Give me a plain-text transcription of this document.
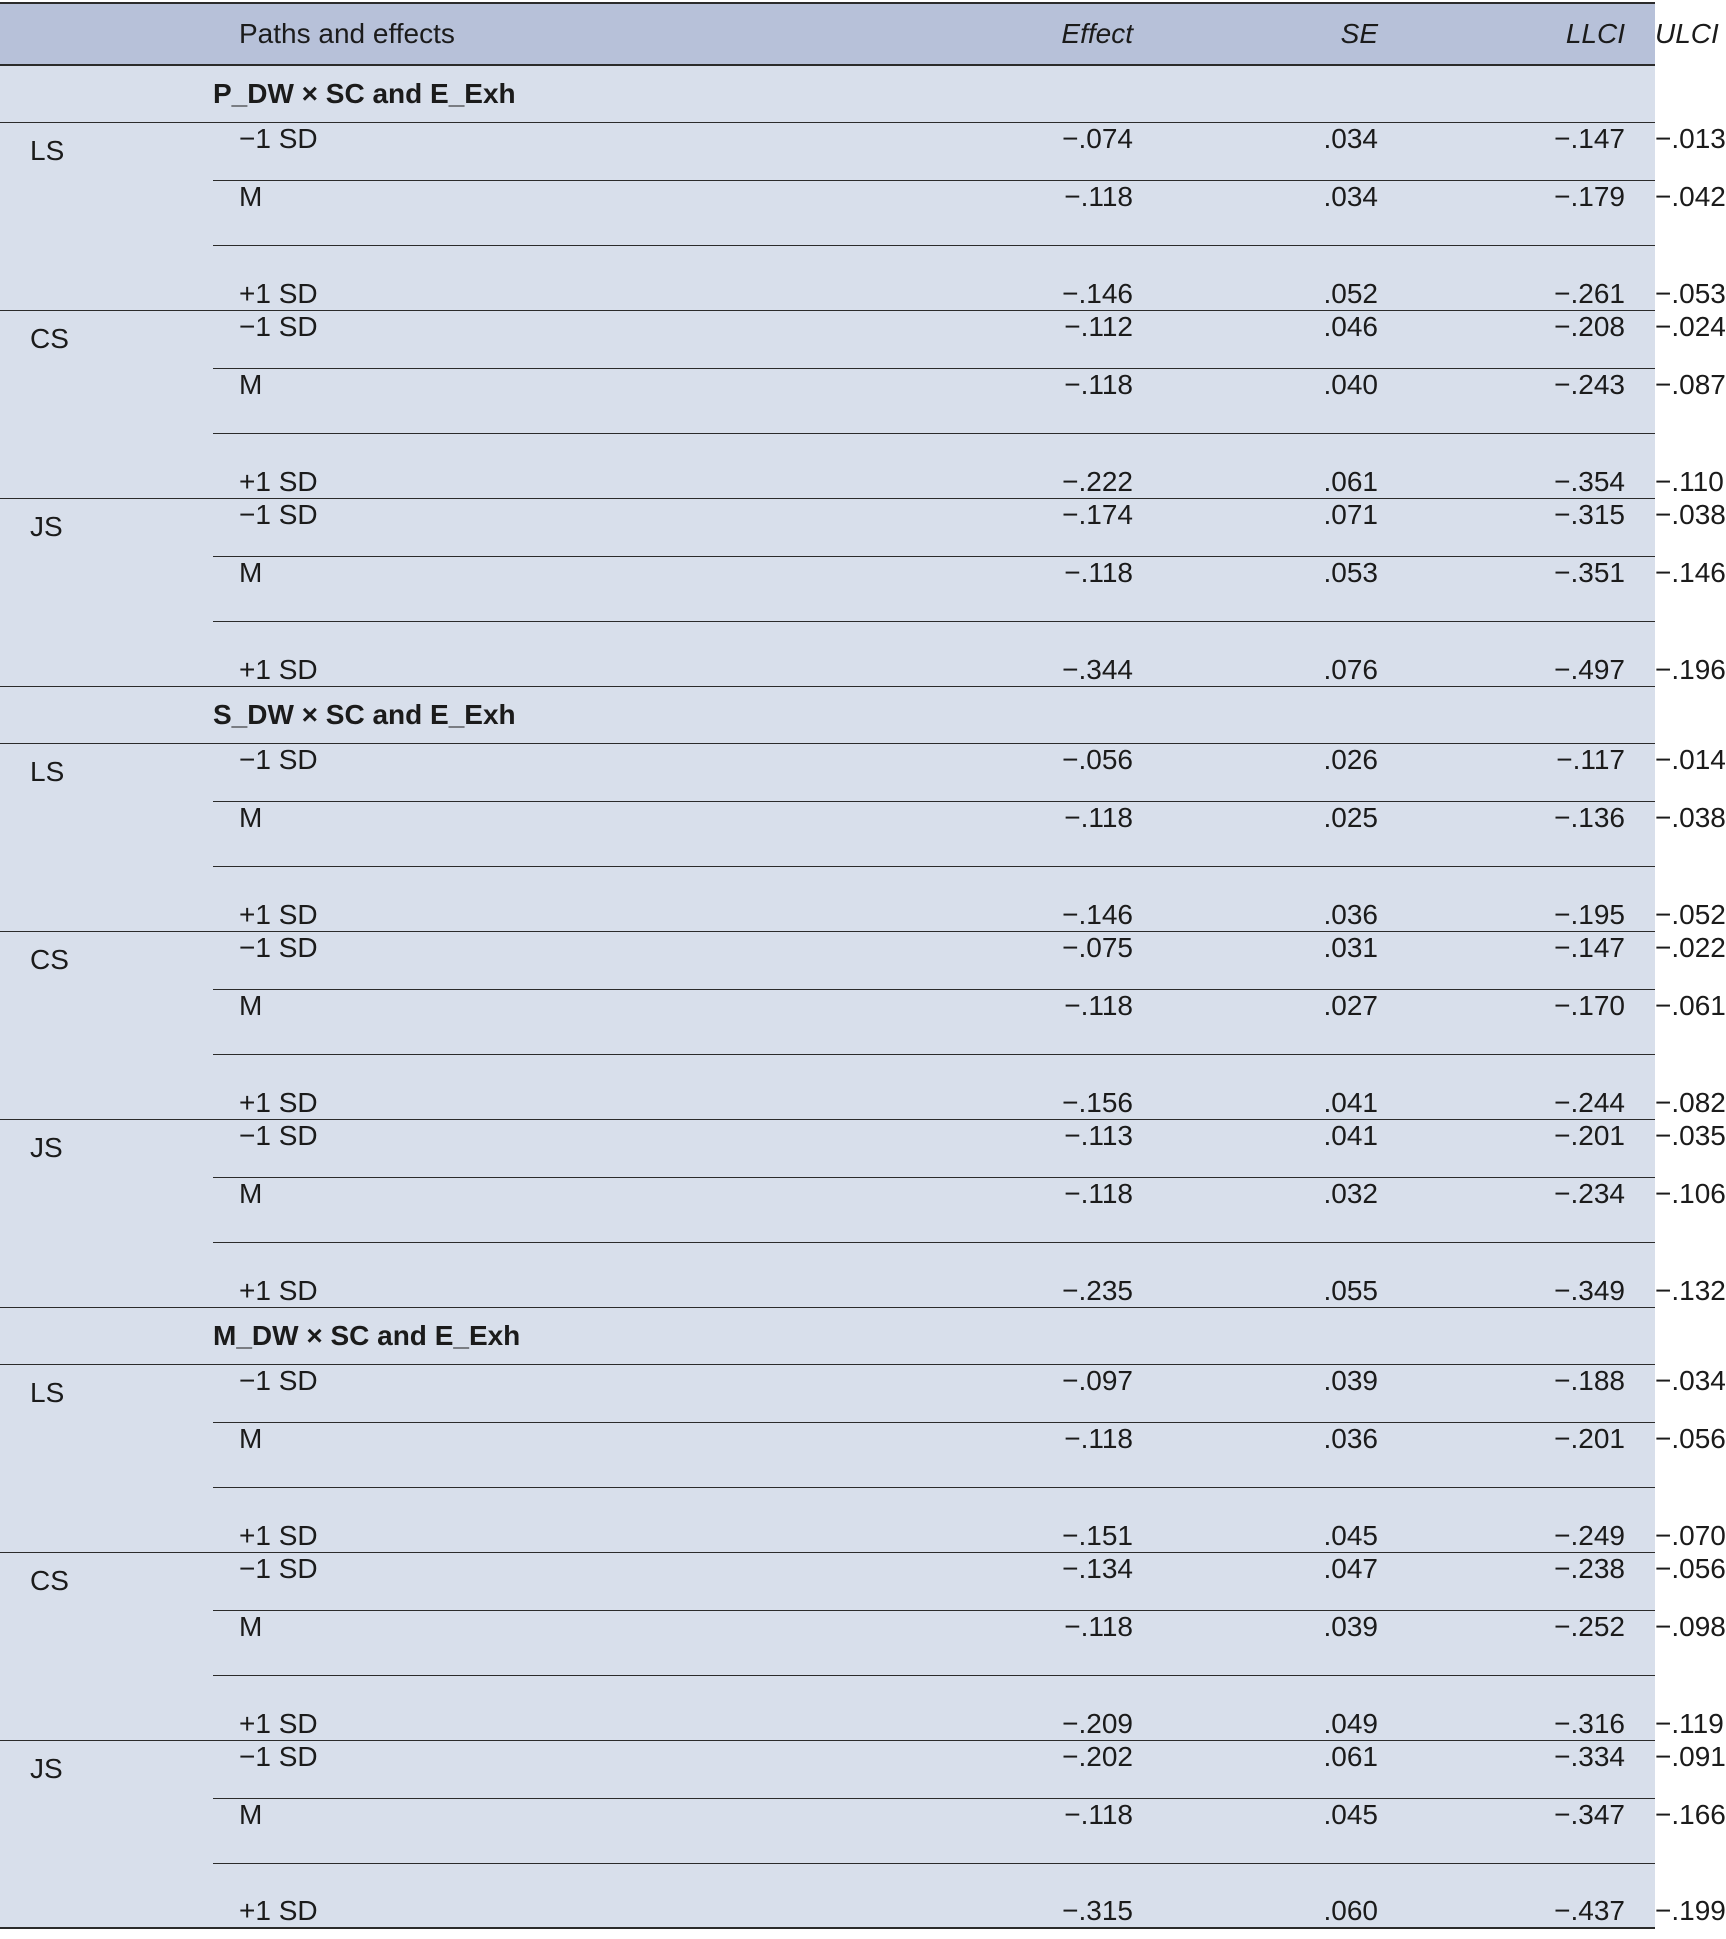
	Paths and effects	Effect	SE	LLCI	ULCI
	P_DW × SC and E_Exh				
LS	−1 SD	−.074	.034	−.147	−.013
	M	−.118	.034	−.179	−.042
	+1 SD	−.146	.052	−.261	−.053
CS	−1 SD	−.112	.046	−.208	−.024
	M	−.118	.040	−.243	−.087
	+1 SD	−.222	.061	−.354	−.110
JS	−1 SD	−.174	.071	−.315	−.038
	M	−.118	.053	−.351	−.146
	+1 SD	−.344	.076	−.497	−.196
	S_DW × SC and E_Exh				
LS	−1 SD	−.056	.026	−.117	−.014
	M	−.118	.025	−.136	−.038
	+1 SD	−.146	.036	−.195	−.052
CS	−1 SD	−.075	.031	−.147	−.022
	M	−.118	.027	−.170	−.061
	+1 SD	−.156	.041	−.244	−.082
JS	−1 SD	−.113	.041	−.201	−.035
	M	−.118	.032	−.234	−.106
	+1 SD	−.235	.055	−.349	−.132
	M_DW × SC and E_Exh				
LS	−1 SD	−.097	.039	−.188	−.034
	M	−.118	.036	−.201	−.056
	+1 SD	−.151	.045	−.249	−.070
CS	−1 SD	−.134	.047	−.238	−.056
	M	−.118	.039	−.252	−.098
	+1 SD	−.209	.049	−.316	−.119
JS	−1 SD	−.202	.061	−.334	−.091
	M	−.118	.045	−.347	−.166
	+1 SD	−.315	.060	−.437	−.199
